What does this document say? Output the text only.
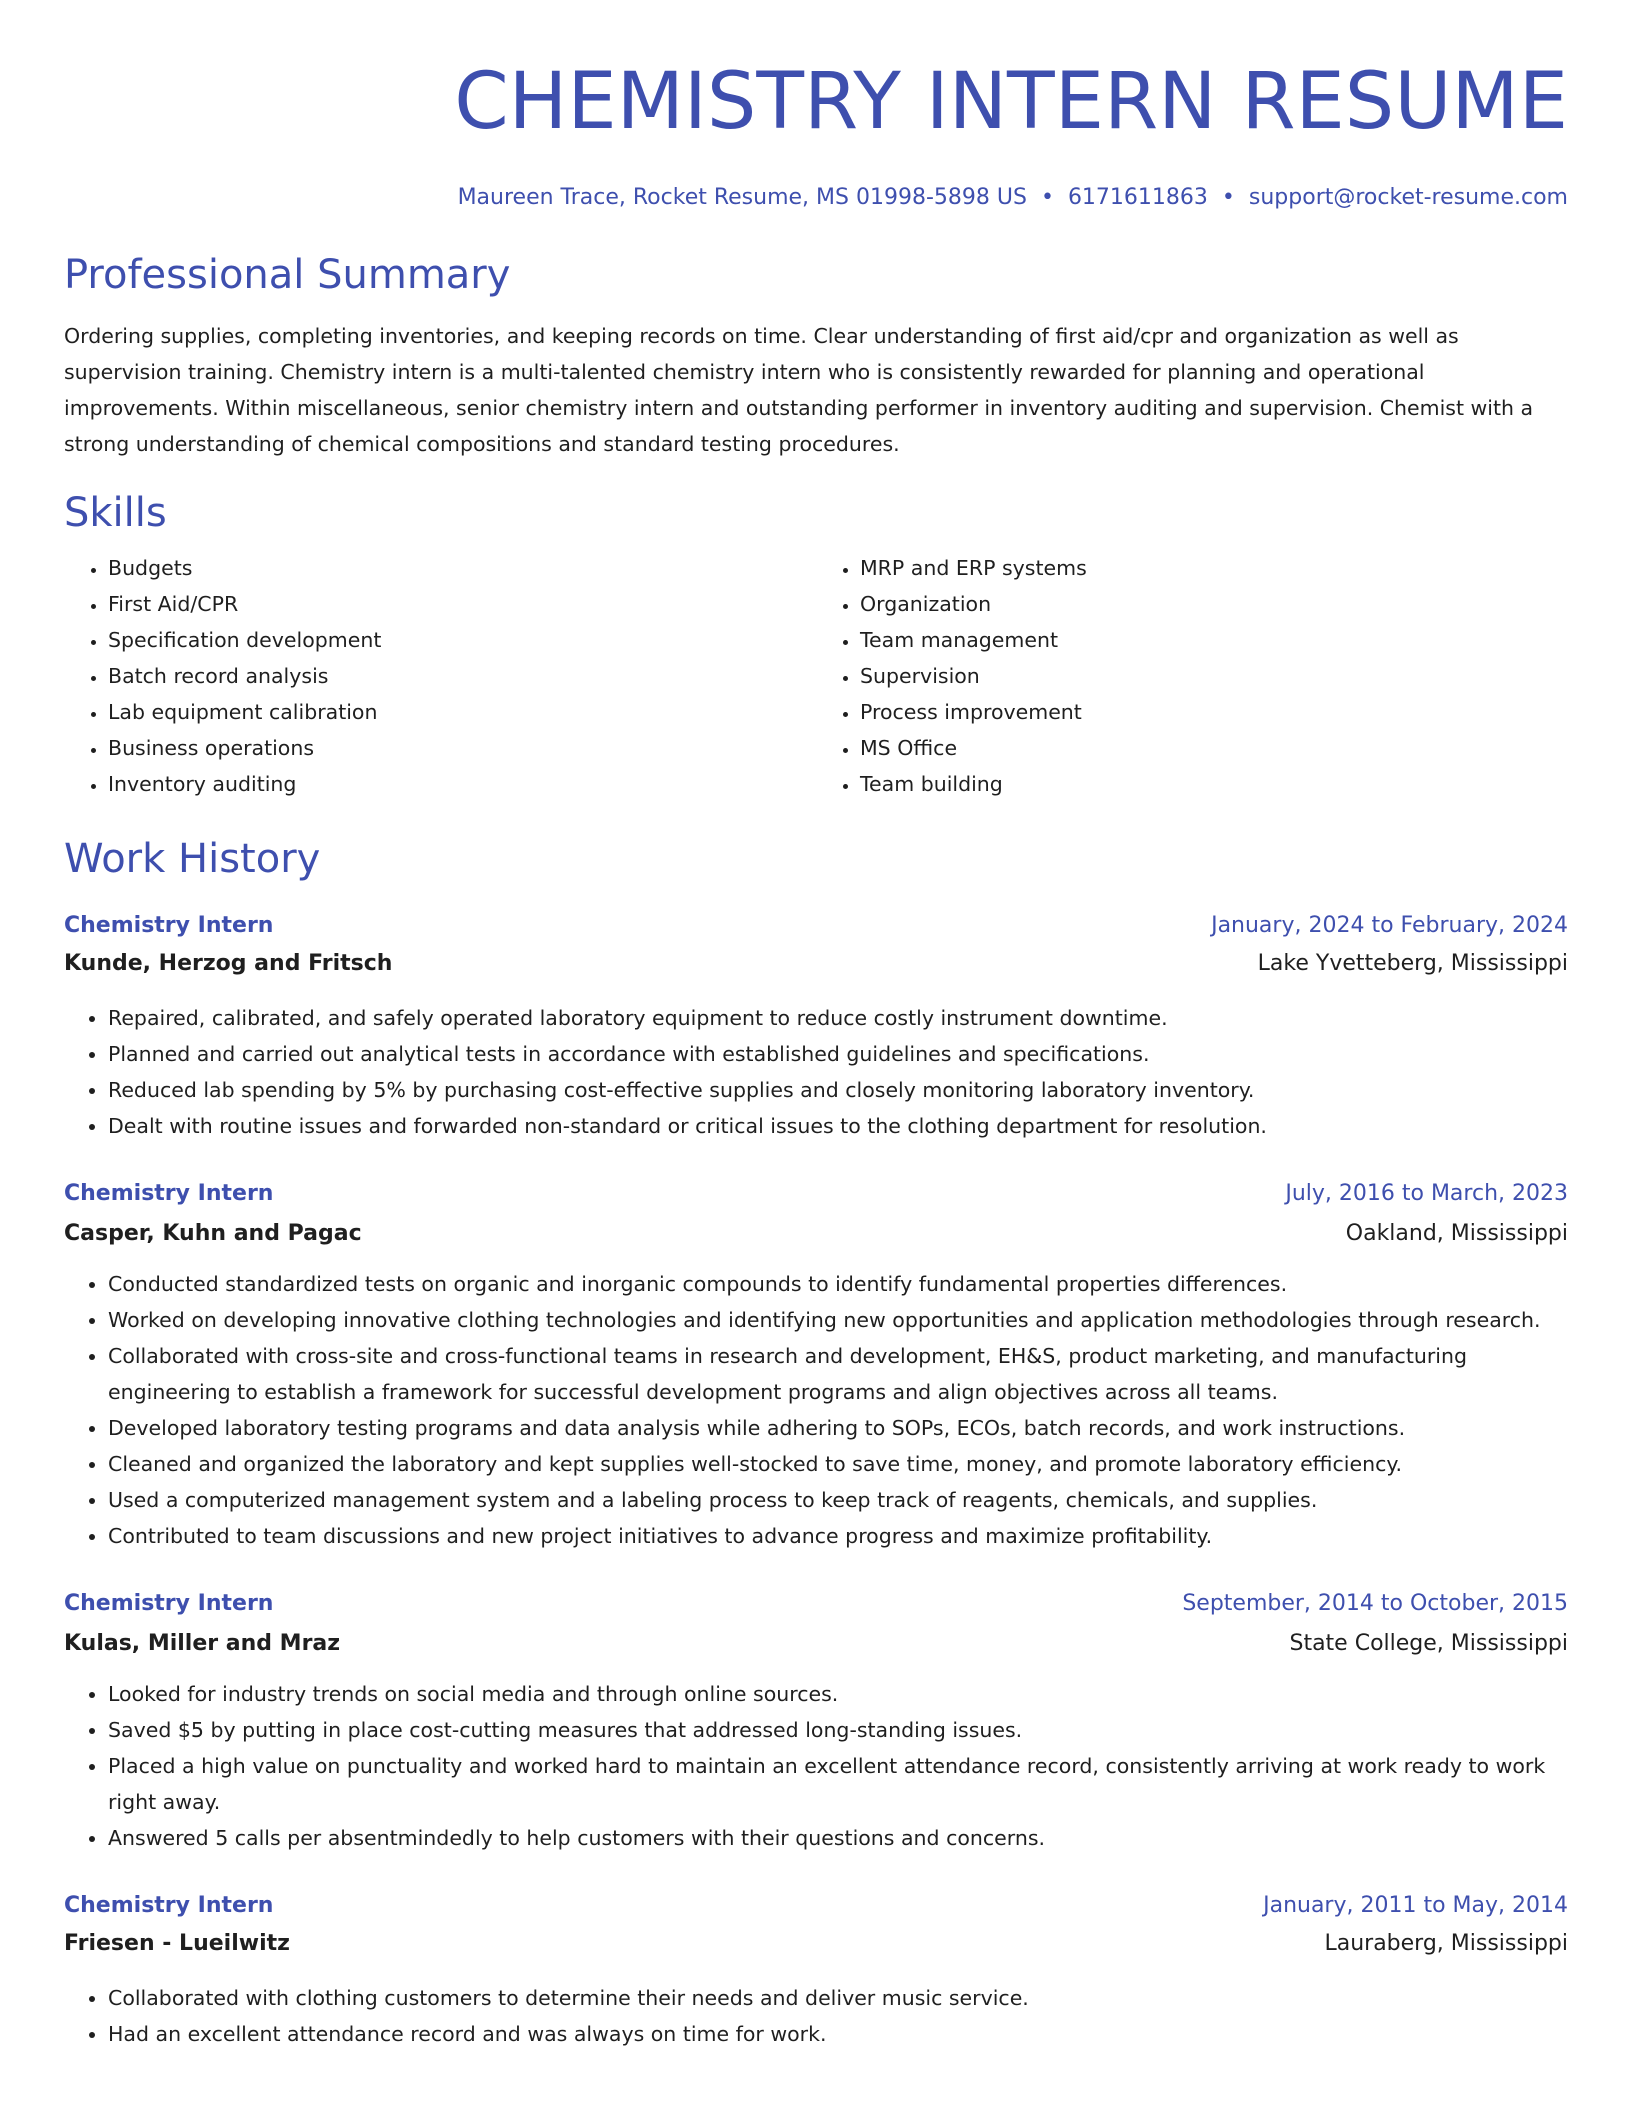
CHEMISTRY INTERN RESUME
Maureen Trace, Rocket Resume, MS 01998-5898 US • 6171611863 • support@rocket-resume.com
Professional Summary
Ordering supplies, completing inventories, and keeping records on time. Clear understanding of first aid/cpr and organization as well as supervision training. Chemistry intern is a multi-talented chemistry intern who is consistently rewarded for planning and operational improvements. Within miscellaneous, senior chemistry intern and outstanding performer in inventory auditing and supervision. Chemist with a strong understanding of chemical compositions and standard testing procedures.
Skills
• Budgets
• First Aid/CPR
• Specification development
• Batch record analysis
• Lab equipment calibration
• Business operations
• Inventory auditing
• MRP and ERP systems
• Organization
• Team management
• Supervision
• Process improvement
• MS Office
• Team building
Work History
Chemistry Intern	January, 2024 to February, 2024
Kunde, Herzog and Fritsch	Lake Yvetteberg, Mississippi
• Repaired, calibrated, and safely operated laboratory equipment to reduce costly instrument downtime.
• Planned and carried out analytical tests in accordance with established guidelines and specifications.
• Reduced lab spending by 5% by purchasing cost-effective supplies and closely monitoring laboratory inventory.
• Dealt with routine issues and forwarded non-standard or critical issues to the clothing department for resolution.
Chemistry Intern	July, 2016 to March, 2023
Casper, Kuhn and Pagac	Oakland, Mississippi
• Conducted standardized tests on organic and inorganic compounds to identify fundamental properties differences.
• Worked on developing innovative clothing technologies and identifying new opportunities and application methodologies through research.
• Collaborated with cross-site and cross-functional teams in research and development, EH&S, product marketing, and manufacturing engineering to establish a framework for successful development programs and align objectives across all teams.
• Developed laboratory testing programs and data analysis while adhering to SOPs, ECOs, batch records, and work instructions.
• Cleaned and organized the laboratory and kept supplies well-stocked to save time, money, and promote laboratory efficiency.
• Used a computerized management system and a labeling process to keep track of reagents, chemicals, and supplies.
• Contributed to team discussions and new project initiatives to advance progress and maximize profitability.
Chemistry Intern	September, 2014 to October, 2015
Kulas, Miller and Mraz	State College, Mississippi
• Looked for industry trends on social media and through online sources.
• Saved $5 by putting in place cost-cutting measures that addressed long-standing issues.
• Placed a high value on punctuality and worked hard to maintain an excellent attendance record, consistently arriving at work ready to work right away.
• Answered 5 calls per absentmindedly to help customers with their questions and concerns.
Chemistry Intern	January, 2011 to May, 2014
Friesen - Lueilwitz	Lauraberg, Mississippi
• Collaborated with clothing customers to determine their needs and deliver music service.
• Had an excellent attendance record and was always on time for work.
